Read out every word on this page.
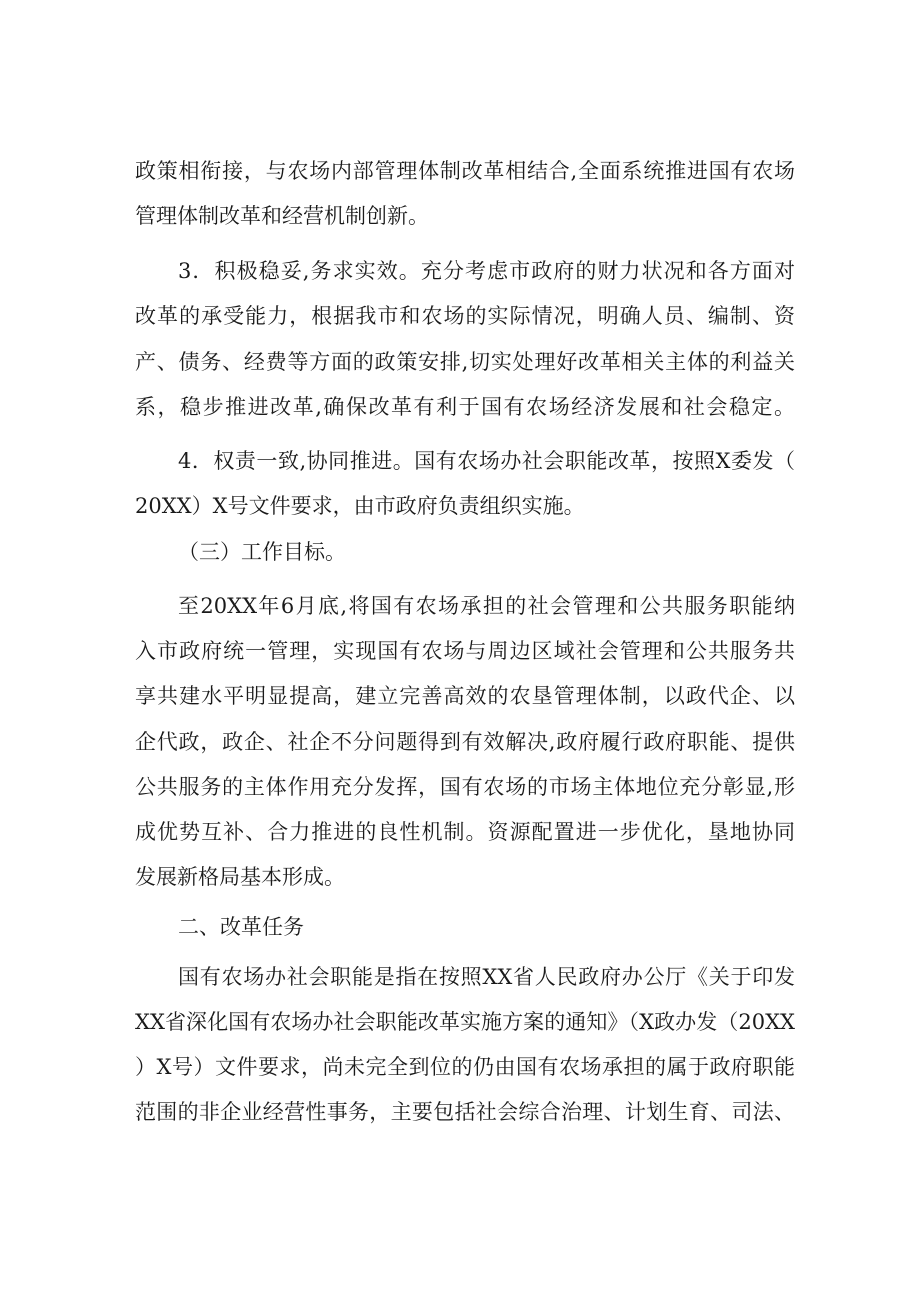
政策相衔接，与农场内部管理体制改革相结合,全面系统推进国有农场
管理体制改革和经营机制创新。
3．积极稳妥,务求实效。充分考虑市政府的财力状况和各方面对
改革的承受能力，根据我市和农场的实际情况，明确人员、编制、资
产、债务、经费等方面的政策安排,切实处理好改革相关主体的利益关
系，稳步推进改革,确保改革有利于国有农场经济发展和社会稳定。
4．权责一致,协同推进。国有农场办社会职能改革，按照X委发（
20XX）X号文件要求，由市政府负责组织实施。
（三）工作目标。
至20XX年6月底,将国有农场承担的社会管理和公共服务职能纳
入市政府统一管理，实现国有农场与周边区域社会管理和公共服务共
享共建水平明显提高，建立完善高效的农垦管理体制，以政代企、以
企代政，政企、社企不分问题得到有效解决,政府履行政府职能、提供
公共服务的主体作用充分发挥，国有农场的市场主体地位充分彰显,形
成优势互补、合力推进的良性机制。资源配置进一步优化，垦地协同
发展新格局基本形成。
二、改革任务
国有农场办社会职能是指在按照XX省人民政府办公厅《关于印发
XX省深化国有农场办社会职能改革实施方案的通知》（X政办发（20XX
）X号）文件要求，尚未完全到位的仍由国有农场承担的属于政府职能
范围的非企业经营性事务，主要包括社会综合治理、计划生育、司法、
